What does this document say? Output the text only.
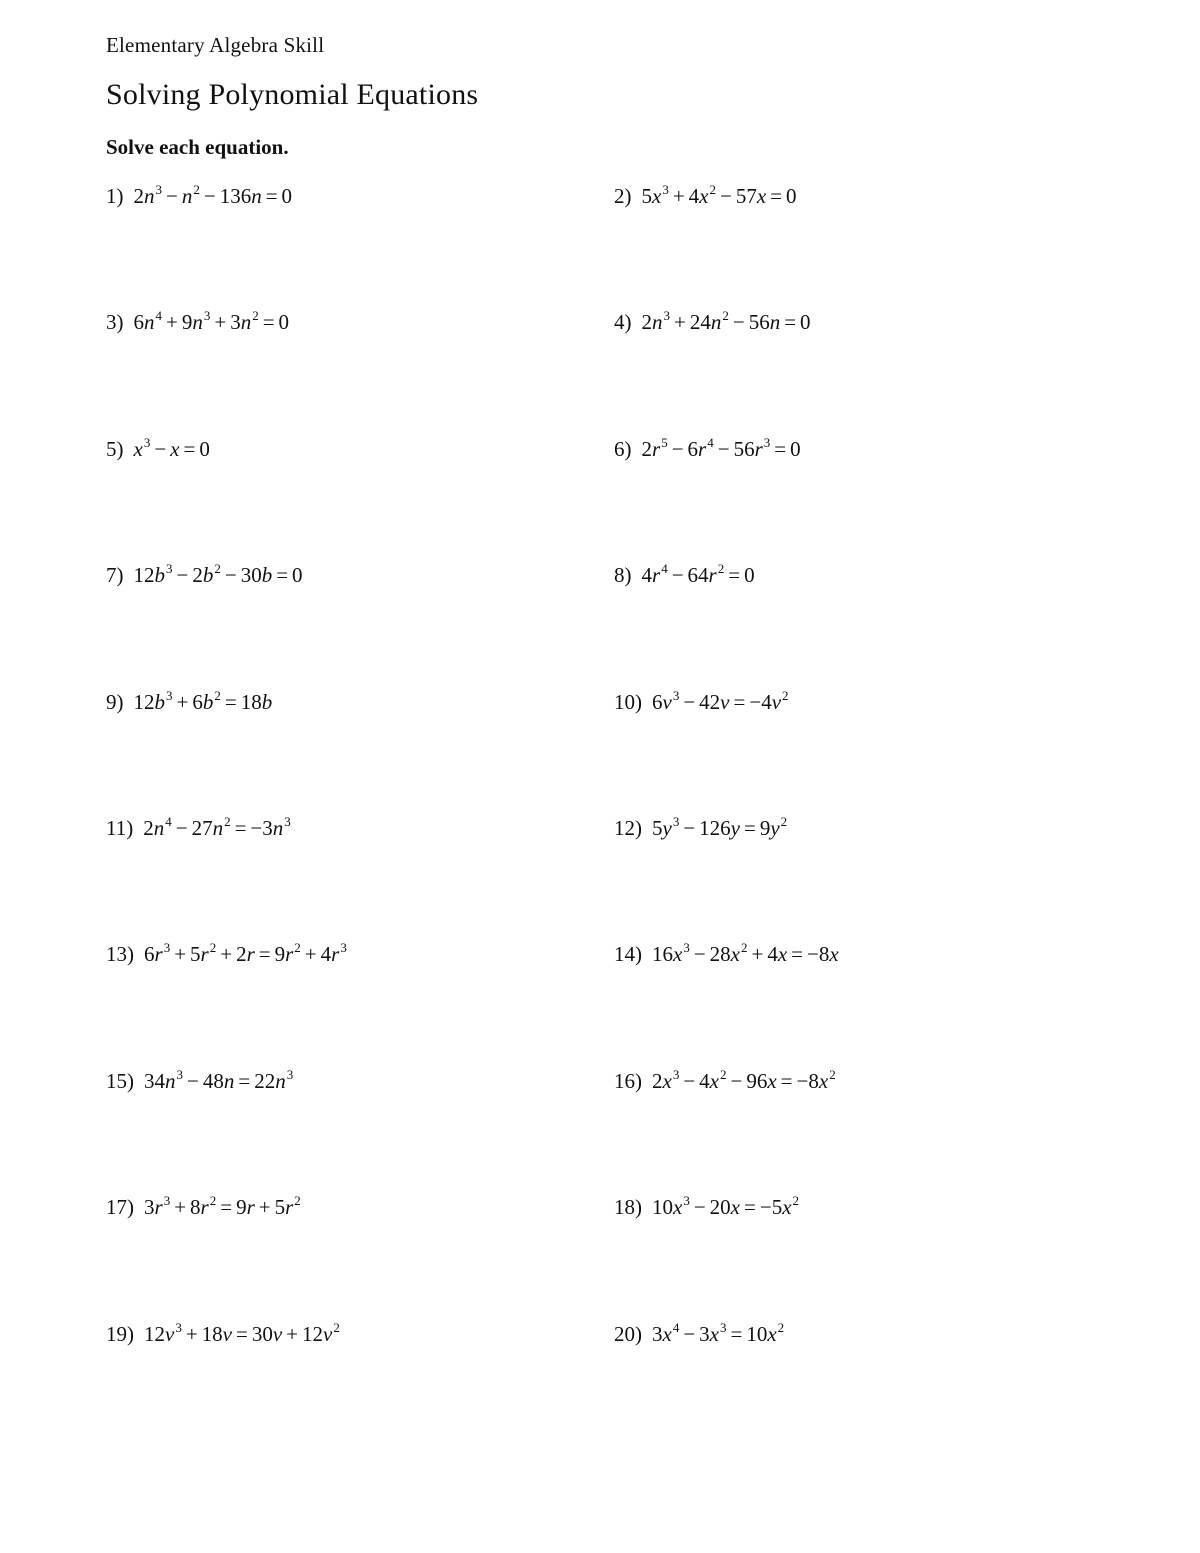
Elementary Algebra Skill
Solving Polynomial Equations
Solve each equation.
1) $2n^3 - n^2 - 136n = 0$	2) $5x^3 + 4x^2 - 57x = 0$
3) $6n^4 + 9n^3 + 3n^2 = 0$	4) $2n^3 + 24n^2 - 56n = 0$
5) $x^3 - x = 0$	6) $2r^5 - 6r^4 - 56r^3 = 0$
7) $12b^3 - 2b^2 - 30b = 0$	8) $4r^4 - 64r^2 = 0$
9) $12b^3 + 6b^2 = 18b$	10) $6v^3 - 42v = -4v^2$
11) $2n^4 - 27n^2 = -3n^3$	12) $5y^3 - 126y = 9y^2$
13) $6r^3 + 5r^2 + 2r = 9r^2 + 4r^3$	14) $16x^3 - 28x^2 + 4x = -8x$
15) $34n^3 - 48n = 22n^3$	16) $2x^3 - 4x^2 - 96x = -8x^2$
17) $3r^3 + 8r^2 = 9r + 5r^2$	18) $10x^3 - 20x = -5x^2$
19) $12v^3 + 18v = 30v + 12v^2$	20) $3x^4 - 3x^3 = 10x^2$
